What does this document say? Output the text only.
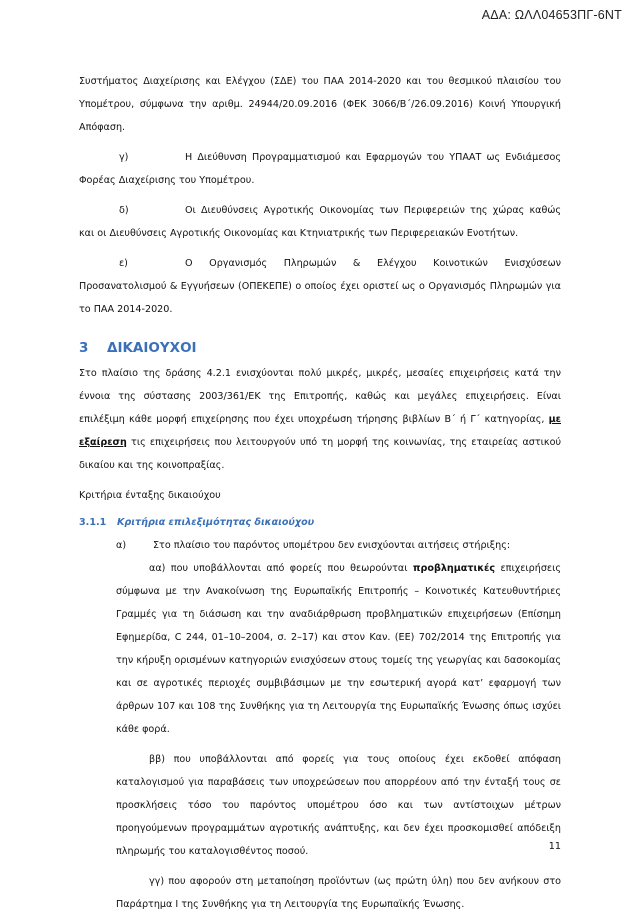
ΑΔΑ: ΩΛΛ04653ΠΓ-6ΝΤ

Συστήματος Διαχείρισης και Ελέγχου (ΣΔΕ) του ΠΑΑ 2014-2020 και του θεσμικού πλαισίου του Υπομέτρου, σύμφωνα την αριθμ. 24944/20.09.2016 (ΦΕΚ 3066/Β΄/26.09.2016) Κοινή Υπουργική Απόφαση.

γ)	Η Διεύθυνση Προγραμματισμού και Εφαρμογών του ΥΠΑΑΤ ως Ενδιάμεσος Φορέας Διαχείρισης του Υπομέτρου.

δ)	Οι Διευθύνσεις Αγροτικής Οικονομίας των Περιφερειών της χώρας καθώς και οι Διευθύνσεις Αγροτικής Οικονομίας και Κτηνιατρικής των Περιφερειακών Ενοτήτων.

ε)	Ο Οργανισμός Πληρωμών & Ελέγχου Κοινοτικών Ενισχύσεων Προσανατολισμού & Εγγυήσεων (ΟΠΕΚΕΠΕ) ο οποίος έχει οριστεί ως ο Οργανισμός Πληρωμών για το ΠΑΑ 2014-2020.

3 ΔΙΚΑΙΟΥΧΟΙ

Στο πλαίσιο της δράσης 4.2.1 ενισχύονται πολύ μικρές, μικρές, μεσαίες επιχειρήσεις κατά την έννοια της σύστασης 2003/361/ΕΚ της Επιτροπής, καθώς και μεγάλες επιχειρήσεις. Είναι επιλέξιμη κάθε μορφή επιχείρησης που έχει υποχρέωση τήρησης βιβλίων Β΄ ή Γ΄ κατηγορίας, με εξαίρεση τις επιχειρήσεις που λειτουργούν υπό τη μορφή της κοινωνίας, της εταιρείας αστικού δικαίου και της κοινοπραξίας.

Κριτήρια ένταξης δικαιούχου

3.1.1 Κριτήρια επιλεξιμότητας δικαιούχου

α)	Στο πλαίσιο του παρόντος υπομέτρου δεν ενισχύονται αιτήσεις στήριξης:

αα) που υποβάλλονται από φορείς που θεωρούνται προβληματικές επιχειρήσεις σύμφωνα με την Ανακοίνωση της Ευρωπαϊκής Επιτροπής – Κοινοτικές Κατευθυντήριες Γραμμές για τη διάσωση και την αναδιάρθρωση προβληματικών επιχειρήσεων (Επίσημη Εφημερίδα, C 244, 01–10–2004, σ. 2–17) και στον Καν. (ΕΕ) 702/2014 της Επιτροπής για την κήρυξη ορισμένων κατηγοριών ενισχύσεων στους τομείς της γεωργίας και δασοκομίας και σε αγροτικές περιοχές συμβιβάσιμων με την εσωτερική αγορά κατ’ εφαρμογή των άρθρων 107 και 108 της Συνθήκης για τη Λειτουργία της Ευρωπαϊκής Ένωσης όπως ισχύει κάθε φορά.

ββ) που υποβάλλονται από φορείς για τους οποίους έχει εκδοθεί απόφαση καταλογισμού για παραβάσεις των υποχρεώσεων που απορρέουν από την ένταξή τους σε προσκλήσεις τόσο του παρόντος υπομέτρου όσο και των αντίστοιχων μέτρων προηγούμενων προγραμμάτων αγροτικής ανάπτυξης, και δεν έχει προσκομισθεί απόδειξη πληρωμής του καταλογισθέντος ποσού.

γγ) που αφορούν στη μεταποίηση προϊόντων (ως πρώτη ύλη) που δεν ανήκουν στο Παράρτημα Ι της Συνθήκης για τη Λειτουργία της Ευρωπαϊκής Ένωσης.

11
